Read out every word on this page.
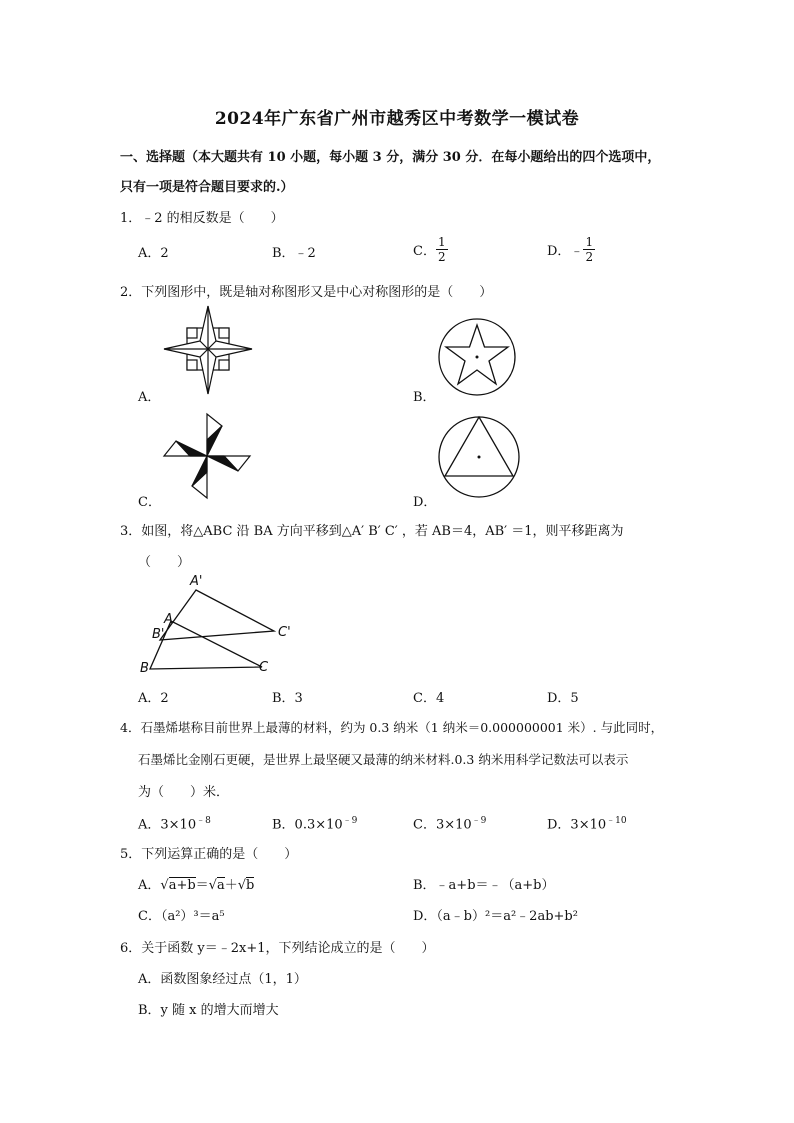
2024年广东省广州市越秀区中考数学一模试卷
一、选择题（本大题共有 10 小题，每小题 3 分，满分 30 分．在每小题给出的四个选项中，
只有一项是符合题目要求的.）
1．﹣2 的相反数是（　　）
A．2	B．﹣2	C． $\frac{1}{2}$	D．﹣ $\frac{1}{2}$
2．下列图形中，既是轴对称图形又是中心对称图形的是（　　）
A．	B．
C．	D．
3．如图，将△ABC 沿 BA 方向平移到△A′ B′ C′ ，若 AB＝4，AB′ ＝1，则平移距离为
（　　）
A'
A
B'	C'
B	C
A．2	B．3	C．4	D．5
4．石墨烯堪称目前世界上最薄的材料，约为 0.3 纳米（1 纳米＝0.000000001 米）. 与此同时，
石墨烯比金刚石更硬，是世界上最坚硬又最薄的纳米材料.0.3 纳米用科学记数法可以表示
为（　　）米．
A．$3\times 10^{﹣8}$	B．$0.3\times 10^{﹣9}$	C．$3\times 10^{﹣9}$	D．$3\times 10^{﹣10}$
5．下列运算正确的是（　　）
A．√a+b＝√a＋√b	B．﹣a+b＝﹣（a+b）
C．（a²）³＝a⁵	D．（a﹣b）²＝a²﹣2ab+b²
6．关于函数 y＝﹣2x+1，下列结论成立的是（　　）
A．函数图象经过点（1，1）
B．y 随 x 的增大而增大
